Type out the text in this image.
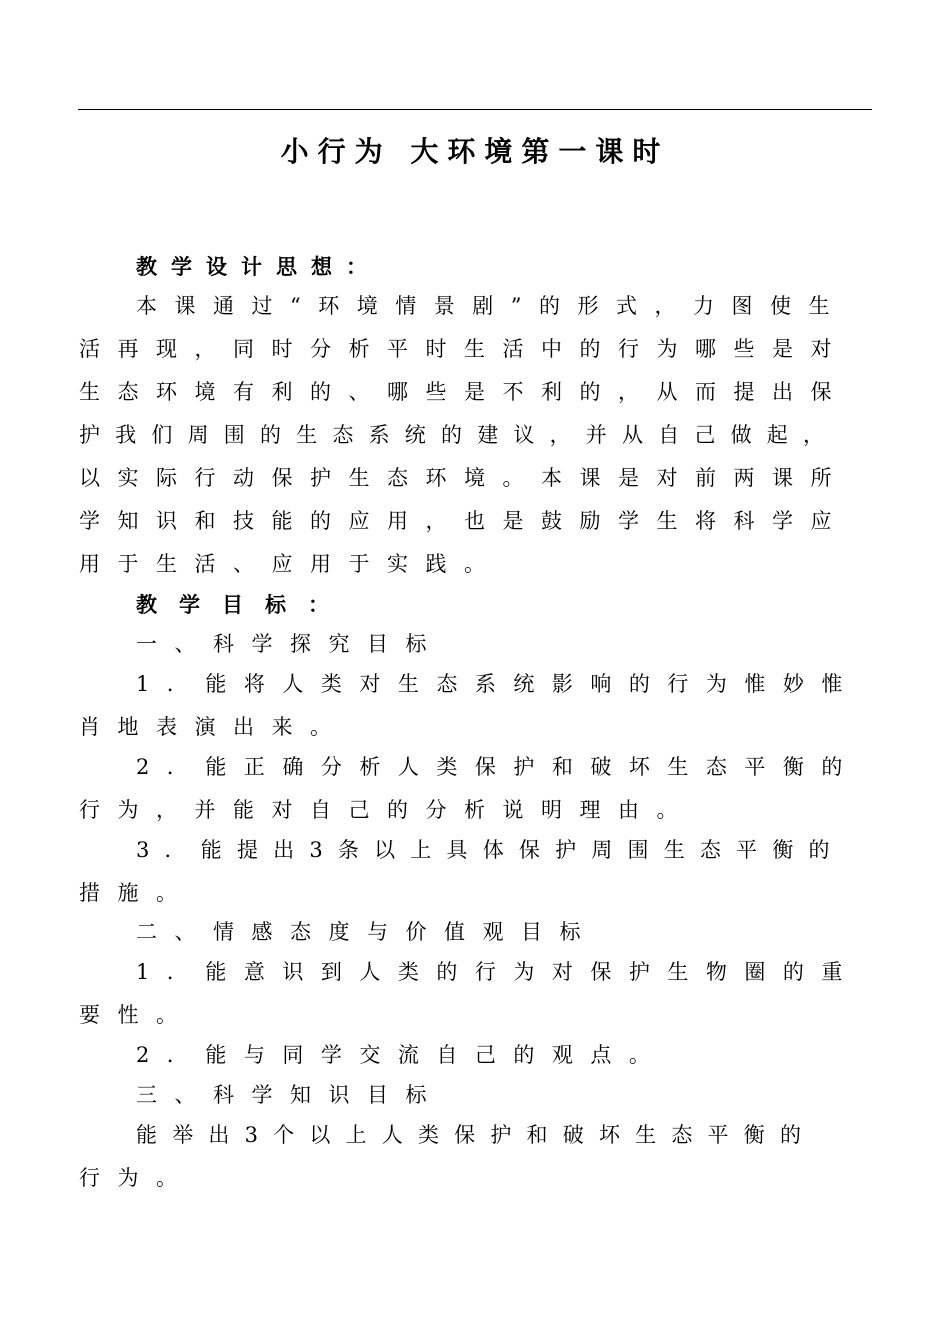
小行为 大环境第一课时
教学设计思想：
本课通过“环境情景剧”的形式，力图使生
活再现，同时分析平时生活中的行为哪些是对
生态环境有利的、哪些是不利的，从而提出保
护我们周围的生态系统的建议，并从自己做起，
以实际行动保护生态环境。本课是对前两课所
学知识和技能的应用，也是鼓励学生将科学应
用于生活、应用于实践。
教学目标：
一、科学探究目标
1．能将人类对生态系统影响的行为惟妙惟
肖地表演出来。
2．能正确分析人类保护和破坏生态平衡的
行为，并能对自己的分析说明理由。
3．能提出3条以上具体保护周围生态平衡的
措施。
二、情感态度与价值观目标
1．能意识到人类的行为对保护生物圈的重
要性。
2．能与同学交流自己的观点。
三、科学知识目标
能举出3个以上人类保护和破坏生态平衡的
行为。
